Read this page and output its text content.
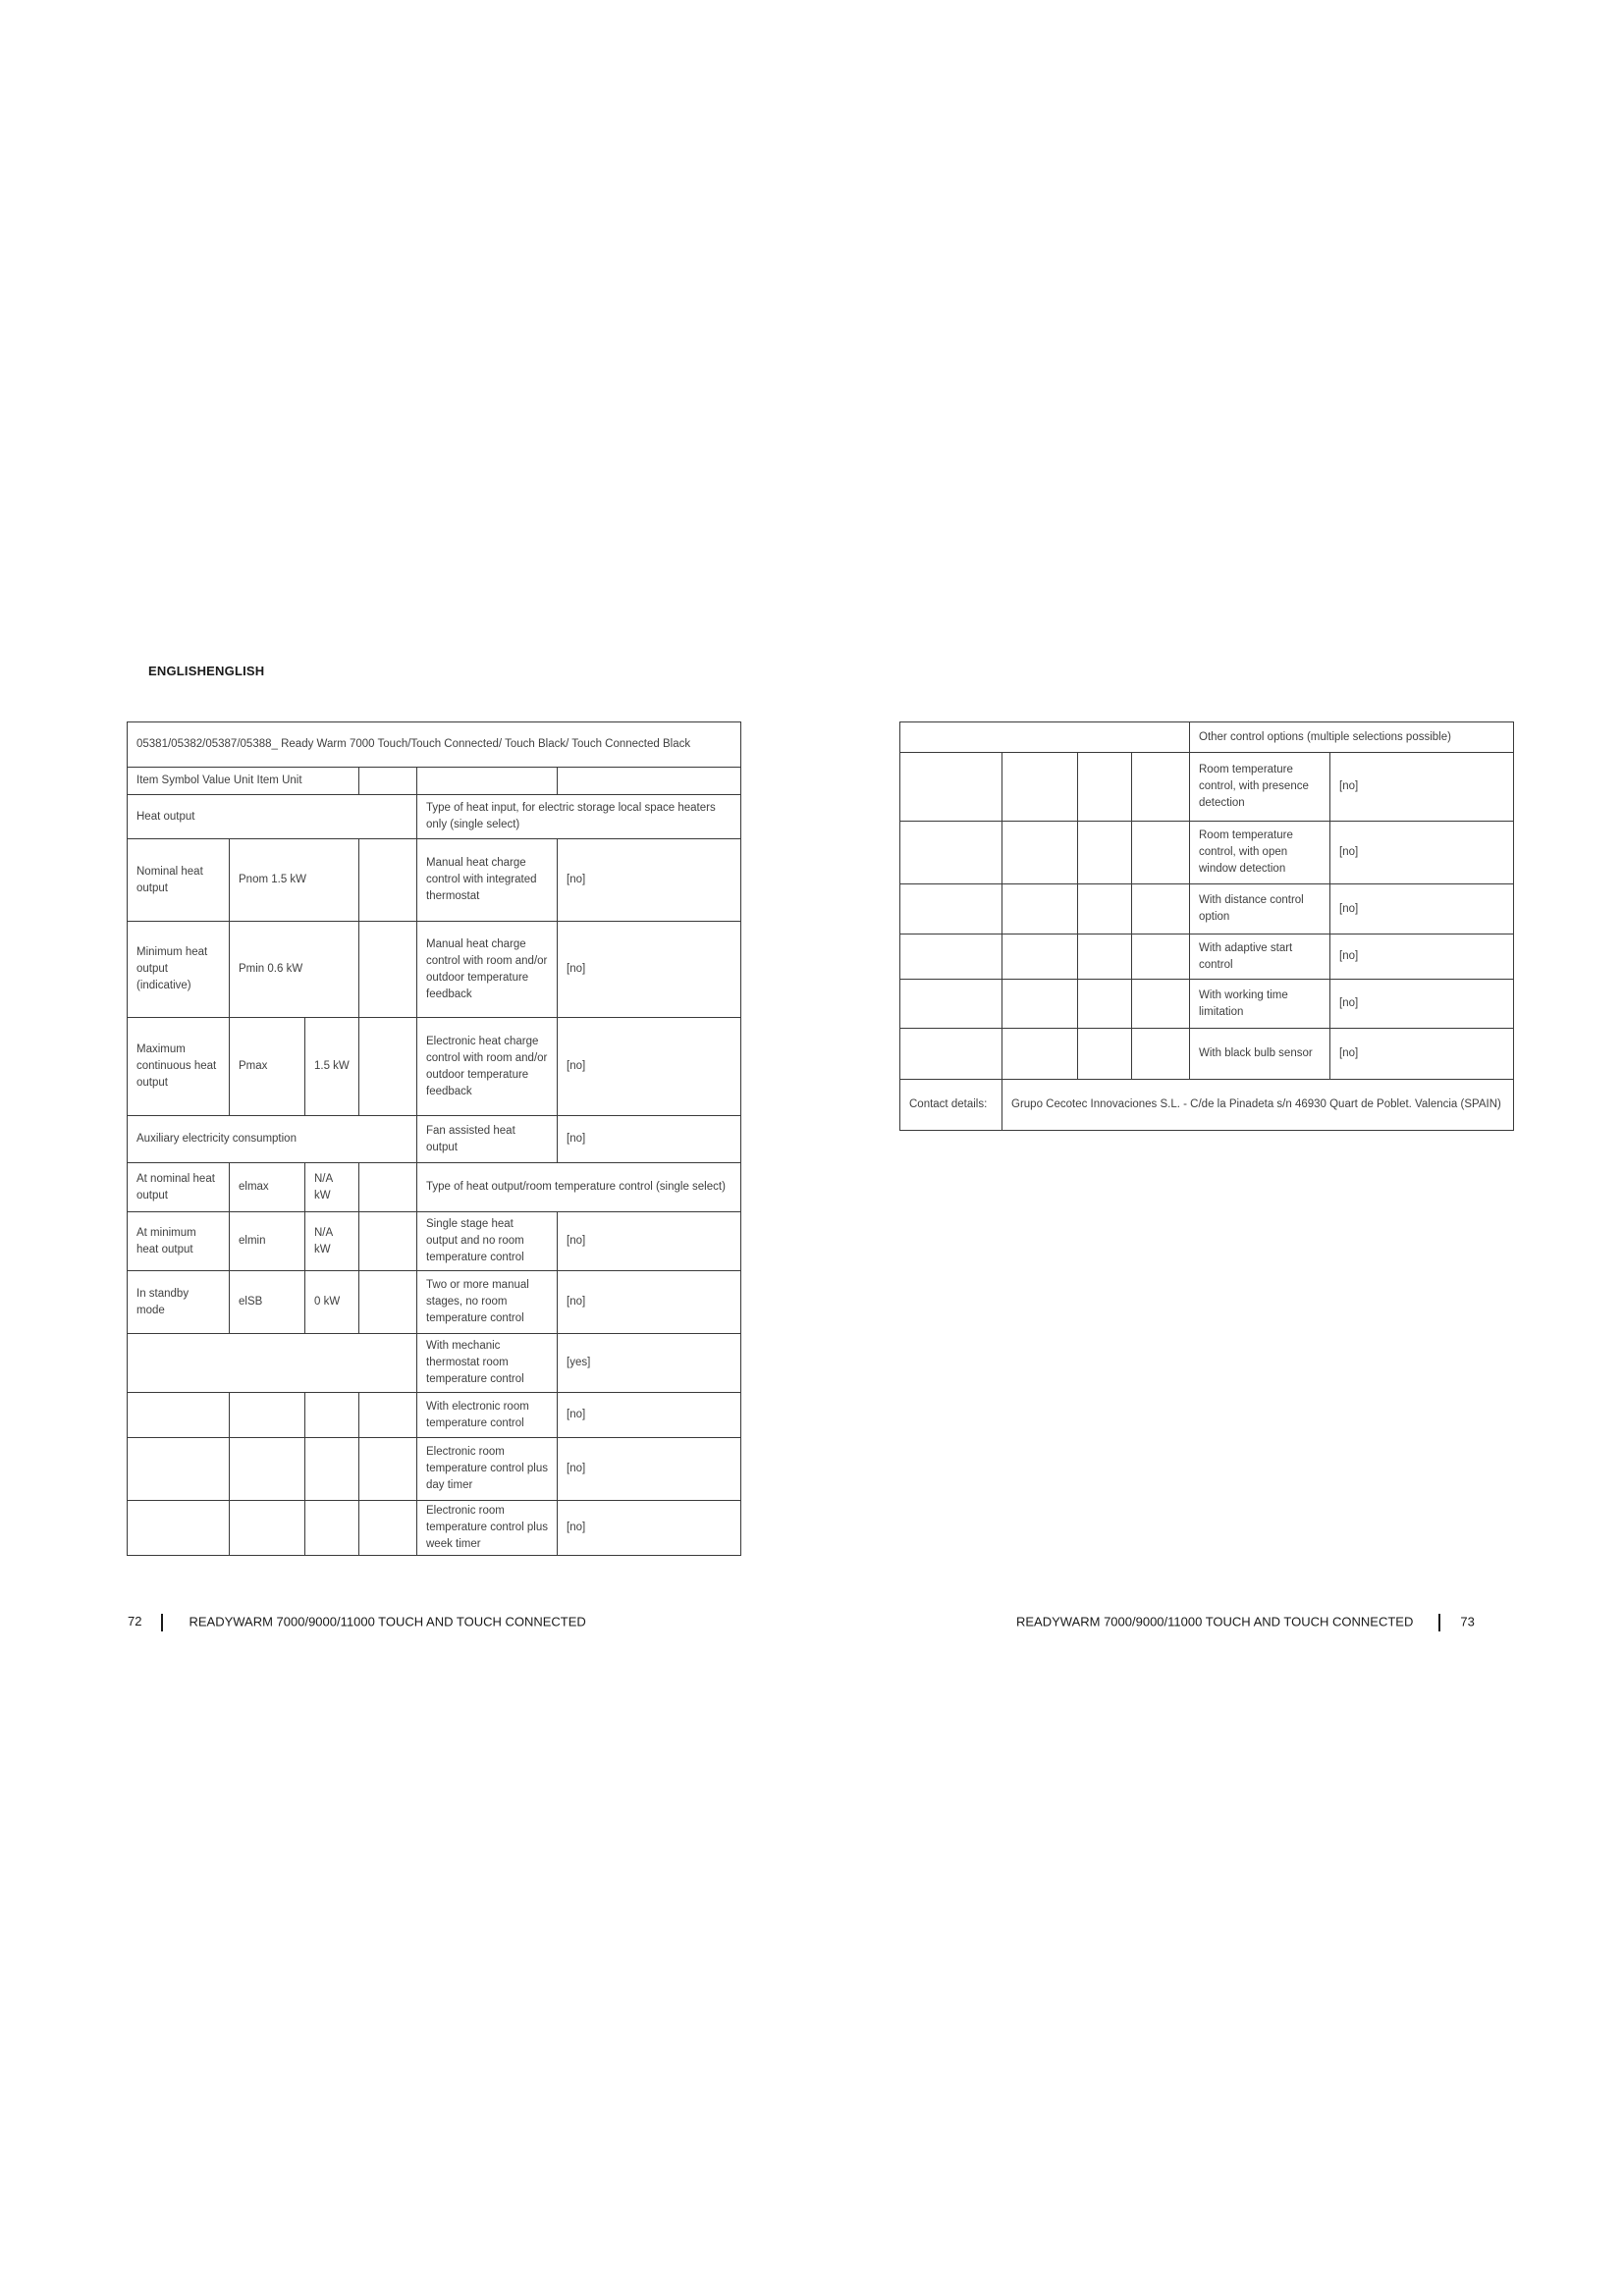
ENGLISHENGLISH
05381/05382/05387/05388_ Ready Warm 7000 Touch/Touch Connected/ Touch Black/ Touch Connected Black					
Item Symbol Value Unit Item Unit					
Heat output				Type of heat input, for electric storage local space heaters only (single select)	
Nominal heat output	Pnom 1.5 kW			Manual heat charge control with integrated thermostat	[no]
Minimum heat output (indicative)	Pmin 0.6 kW			Manual heat charge control with room and/or outdoor temperature feedback	[no]
Maximum continuous heat output	Pmax	1.5 kW		Electronic heat charge control with room and/or outdoor temperature feedback	[no]
Auxiliary electricity consumption				Fan assisted heat output	[no]
At nominal heat output	elmax	N/A kW		Type of heat output/room temperature control (single select)	
At minimum heat output	elmin	N/A kW		Single stage heat output and no room temperature control	[no]
In standby mode	elSB	0 kW		Two or more manual stages, no room temperature control	[no]
				With mechanic thermostat room temperature control	[yes]
				With electronic room temperature control	[no]
				Electronic room temperature control plus day timer	[no]
				Electronic room temperature control plus week timer	[no]
				Other control options (multiple selections possible)	
				Room temperature control, with presence detection	[no]
				Room temperature control, with open window detection	[no]
				With distance control option	[no]
				With adaptive start control	[no]
				With working time limitation	[no]
				With black bulb sensor	[no]
Contact details:	Grupo Cecotec Innovaciones S.L. - C/de la Pinadeta s/n 46930 Quart de Poblet. Valencia (SPAIN)				
72	READYWARM 7000/9000/11000 TOUCH AND TOUCH CONNECTED	READYWARM 7000/9000/11000 TOUCH AND TOUCH CONNECTED	73
